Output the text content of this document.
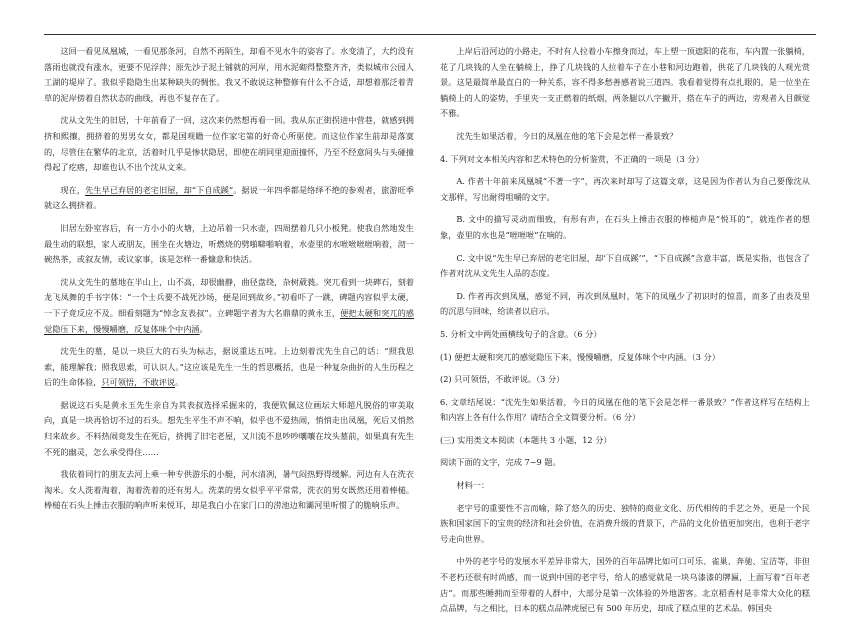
这回一看见凤凰城，一看见那条河，自然不再陌生，却看不见水牛的姿容了。水变清了，大约没有落雨也就没有涨水，更要不见浮萍；原先沙子泥土铺就的河岸，用水泥砌得整整齐齐，类似城市公园人工湖的堤岸了。我似乎隐隐生出某种缺失的惆怅。我又不敢说这种整修有什么不合适，却想着那泛着青草的泥岸傍着自然状态的曲线，再也不复存在了。

沈从文先生的旧居，十年前看了一回，这次来仍然想再看一回。我从东正街拐进中营巷，就感到拥挤和熙攘，拥挤着的男男女女，都是国观瞻一位作家宅第的好奇心所驱使。而这位作家生前却是落寞的，尽管住在繁华的北京，活着时几乎是惨状隐居，即使在胡同里迎面撞怀，乃至不经意间头与头碰撞得起了疙瘩，却谁也认不出个沈从文来。

现在，先生早已弃居的老宅旧屋，却“下自成蹊”。据说一年四季都是络绎不绝的参观者，旅游旺季就这么拥挤着。

旧居左卧室容后，有一方小小的火塘，上边吊着一只水壶，四周摆着几只小板凳。使我自然地发生最生动的联想，家人或朋友，围坐在火塘边，听燃烧的劈啪噼啪响着，水壶里的水咝咝咝咝响着，沏一碗热茶，或叙友情，或议家事，该是怎样一番慷意和快活。

沈从文先生的墓地在半山上，山不高，却很幽静，曲径盘绕，杂树葳蕤。突兀看到一块碑石，刻着龙飞凤舞的手书字体：“一个士兵要不战死沙场，便是回到故乡。”初看吓了一跳，碑题内容似乎太硬，一下子竟反应不及。细看刻题为“悼念友表叔”。立碑题字者为大名鼎鼎的黄永玉，便把太硬和突兀的感觉隐压下来，慢慢嚼磨，反复体味个中内涵。

沈先生的墓，是以一块巨大的石头为标志，据说重达五吨。上边刻着沈先生自己的话：“照我思索，能理解我；照我思索，可认识人。”这应该是先生一生的哲思概括，也是一种复杂曲折的人生历程之后的生命体验，只可领悟，不敢评说。

据说这石头是黄永玉先生亲自为其表叔选择采掘来的，我便钦佩这位画坛大师超凡脱俗的审美取向，真是一块再恰切不过的石头。想先生平生不声不响，似乎也不爱热闹，悄悄走出凤凰，死后又悄然归来故乡。不料热闹竟发生在死后，挤拥了旧宅老屋，又川流不息吵吵嚷嚷在坟头墓前，如果真有先生不死的幽灵，怎么承受得住……

我依着同行的朋友去河上乘一种专供游乐的小艇，河水清冽，暑气闷热野得缓解。河边有人在洗衣淘米。女人洗着淘着，淘着洗着的还有男人。洗菜的男女似乎平平常常，洗衣的男女既然还用着棒槌。棒槌在石头上捶击衣服的响声听来悦耳，却是我白小在家门口的涝池边和灞河里听惯了的脆响乐声。

上岸后沿河边的小路走，不时有人拉着小车擦身而过，车上塑一顶遮阳的花布，车内置一张躺椅，花了几块钱的人坐在躺椅上，挣了几块钱的人拉着车子在小巷和河边跑着，供花了几块钱的人观光赏景。这是最简单最直白的一种关系，容不得多愁善感者说三道四。我看着觉得有点扎眼的，是一位坐在躺椅上的人的姿势，手里夹一支正燃着的纸烟，两条腿以八字撇开，搭在车子的两边，旁观者入目颇觉不雅。

沈先生如果活着，今日的凤凰在他的笔下会是怎样一番景致？

4. 下列对文本相关内容和艺术特色的分析鉴赏，不正确的一项是（3 分）

A. 作者十年前来凤凰城“不著一字”，再次来时却写了这篇文章，这是因为作者认为自己要像沈从文那样，写出耐得咀嚼的文字。

B. 文中的描写灵动而细致，有形有声，在石头上捶击衣服的棒槌声是“悦耳的”，就连作者的想象，壶里的水也是“咝咝咝”在响的。

C. 文中说“先生早已弃居的老宅旧屋，却‘下自成蹊’”，“下自成蹊”含意丰富，既是实指，也包含了作者对沈从文先生人品的态度。

D. 作者再次到凤凰，感觉不同，再次到凤凰时，笔下的凤凰少了初识时的惊喜，而多了由表及里的沉思与回味，给读者以启示。

5. 分析文中两处画横线句子的含意。（6 分）

(1) 便把太硬和突兀的感觉隐压下来，慢慢嚼磨，反复体味个中内涵。（3 分）

(2) 只可领悟，不敢评说。（3 分）

6. 文章结尾说：“沈先生如果活着，今日的凤凰在他的笔下会是怎样一番景致？”作者这样写在结构上和内容上各有什么作用？请结合全文简要分析。（6 分）

(三) 实用类文本阅读（本题共 3 小题，12 分）

阅读下面的文字，完成 7~9 题。

材料一：

老字号的重要性不言而喻，除了悠久的历史、独特的商业文化、历代相传的手艺之外，更是一个民族和国家国下的宝贵的经济和社会价值，在消费升级的背景下，产品的文化价值更加突出，也利于老字号走向世界。

中外的老字号的发展水平差异非常大，国外的百年品牌比如可口可乐、雀巢、奔驰、宝洁等，非但不老朽还很有时尚感，而一说到中国的老字号，给人的感觉就是一块乌漆漆的牌匾，上面写着“百年老店”。而那些睡拥而至带着的人群中，大部分是第一次体验的外地游客。北京稻香村是非常大众化的糕点品牌，与之相比，日本的糕点品牌虎屋已有 500 年历史，却成了糕点里的艺术品。韩国央
